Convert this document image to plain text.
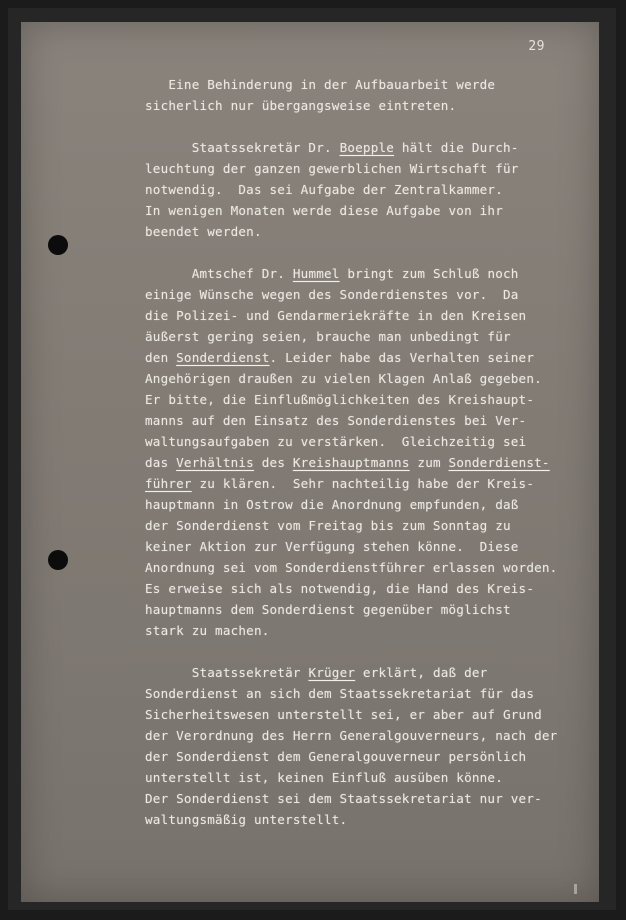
29
Eine Behinderung in der Aufbauarbeit werde
sicherlich nur übergangsweise eintreten.
Staatssekretär Dr. Boepple hält die Durch-
leuchtung der ganzen gewerblichen Wirtschaft für
notwendig.  Das sei Aufgabe der Zentralkammer.
In wenigen Monaten werde diese Aufgabe von ihr
beendet werden.
Amtschef Dr. Hummel bringt zum Schluß noch
einige Wünsche wegen des Sonderdienstes vor.  Da
die Polizei- und Gendarmeriekräfte in den Kreisen
äußerst gering seien, brauche man unbedingt für
den Sonderdienst. Leider habe das Verhalten seiner
Angehörigen draußen zu vielen Klagen Anlaß gegeben.
Er bitte, die Einflußmöglichkeiten des Kreishaupt-
manns auf den Einsatz des Sonderdienstes bei Ver-
waltungsaufgaben zu verstärken.  Gleichzeitig sei
das Verhältnis des Kreishauptmanns zum Sonderdienst-
führer zu klären.  Sehr nachteilig habe der Kreis-
hauptmann in Ostrow die Anordnung empfunden, daß
der Sonderdienst vom Freitag bis zum Sonntag zu
keiner Aktion zur Verfügung stehen könne.  Diese
Anordnung sei vom Sonderdienstführer erlassen worden.
Es erweise sich als notwendig, die Hand des Kreis-
hauptmanns dem Sonderdienst gegenüber möglichst
stark zu machen.
Staatssekretär Krüger erklärt, daß der
Sonderdienst an sich dem Staatssekretariat für das
Sicherheitswesen unterstellt sei, er aber auf Grund
der Verordnung des Herrn Generalgouverneurs, nach der
der Sonderdienst dem Generalgouverneur persönlich
unterstellt ist, keinen Einfluß ausüben könne.
Der Sonderdienst sei dem Staatssekretariat nur ver-
waltungsmäßig unterstellt.
